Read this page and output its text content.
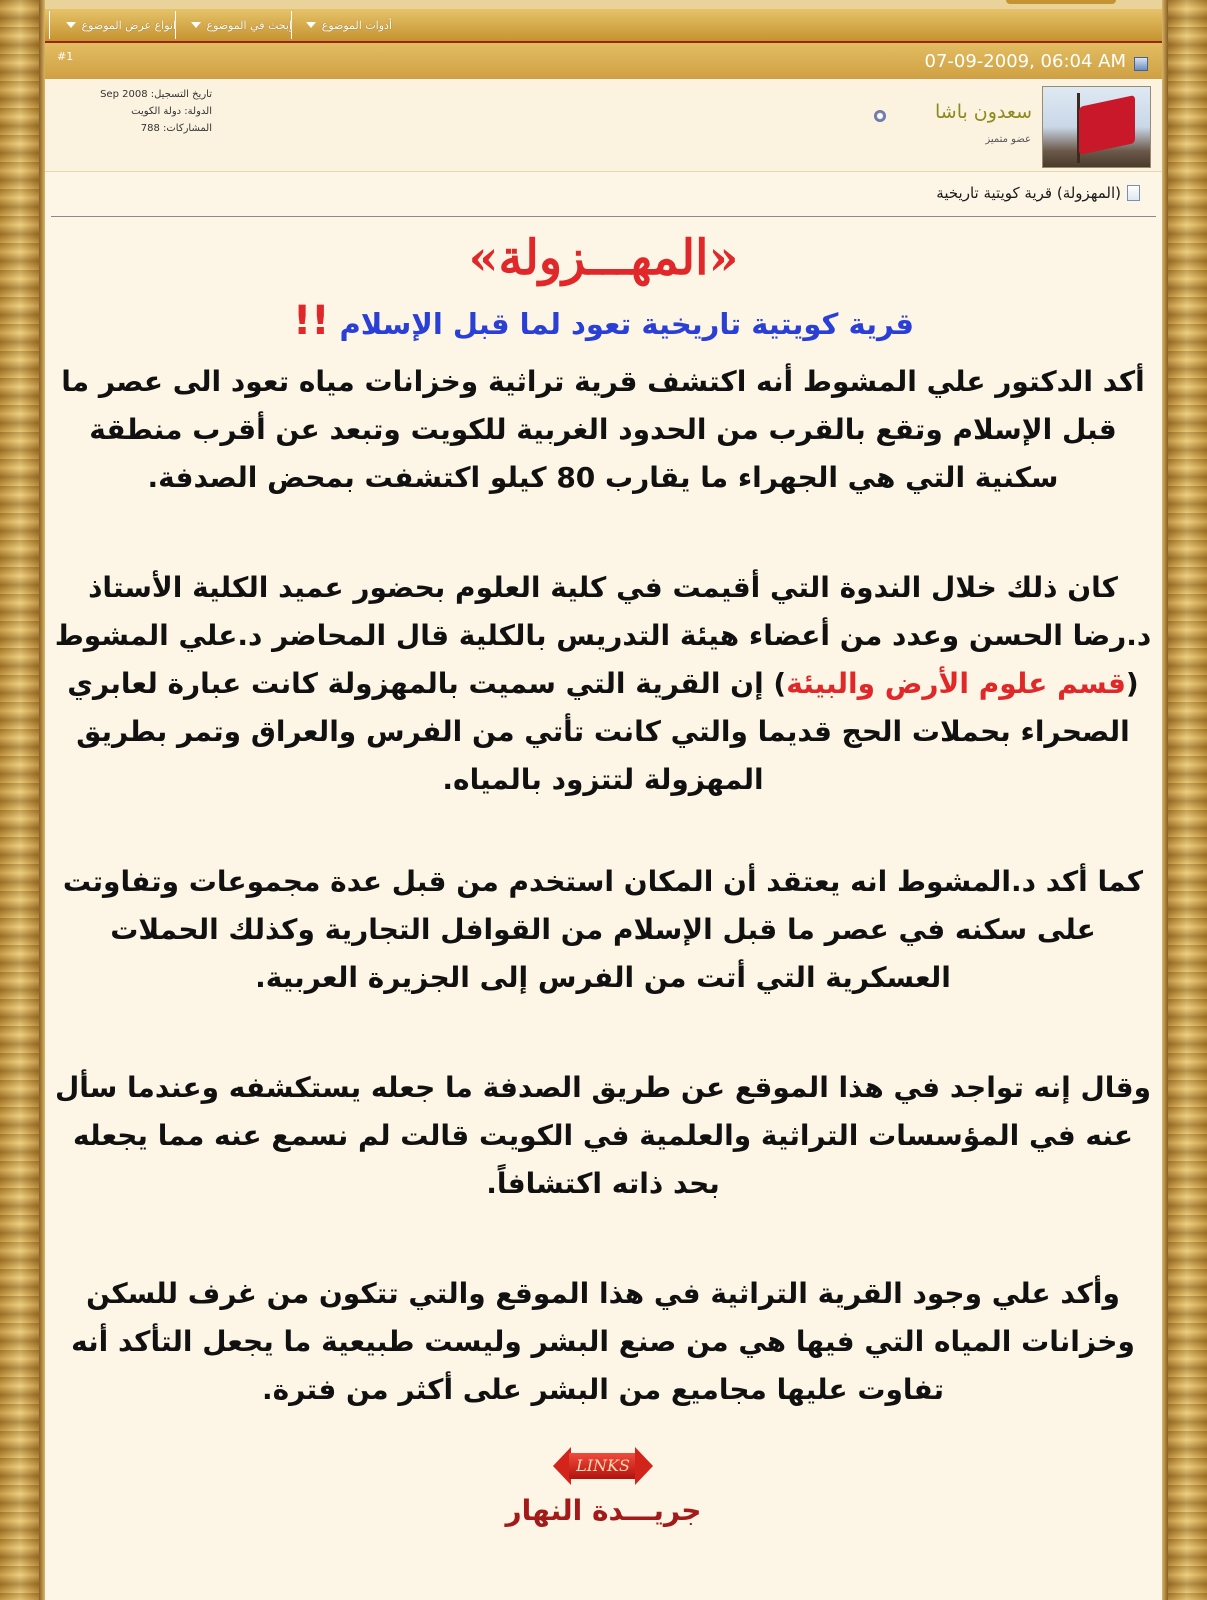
أدوات الموضوع
إبحث في الموضوع
انواع عرض الموضوع
07-09-2009, 06:04 AM
#1
سعدون باشا
عضو متميز
تاريخ التسجيل: Sep 2008
الدولة: دولة الكويت
المشاركات: 788
(المهزولة) قرية كويتية تاريخية
«المهـــزولة»
قرية كويتية تاريخية تعود لما قبل الإسلام!!
أكد الدكتور علي المشوط أنه اكتشف قرية تراثية وخزانات مياه تعود الى عصر ما قبل الإسلام وتقع بالقرب من الحدود الغربية للكويت وتبعد عن أقرب منطقة سكنية التي هي الجهراء ما يقارب 80 كيلو اكتشفت بمحض الصدفة.
كان ذلك خلال الندوة التي أقيمت في كلية العلوم بحضور عميد الكلية الأستاذ د.رضا الحسن وعدد من أعضاء هيئة التدريس بالكلية قال المحاضر د.علي المشوط (قسم علوم الأرض والبيئة) إن القرية التي سميت بالمهزولة كانت عبارة لعابري الصحراء بحملات الحج قديما والتي كانت تأتي من الفرس والعراق وتمر بطريق المهزولة لتتزود بالمياه.
كما أكد د.المشوط انه يعتقد أن المكان استخدم من قبل عدة مجموعات وتفاوتت على سكنه في عصر ما قبل الإسلام من القوافل التجارية وكذلك الحملات العسكرية التي أتت من الفرس إلى الجزيرة العربية.
وقال إنه تواجد في هذا الموقع عن طريق الصدفة ما جعله يستكشفه وعندما سأل عنه في المؤسسات التراثية والعلمية في الكويت قالت لم نسمع عنه مما يجعله بحد ذاته اكتشافاً.
وأكد علي وجود القرية التراثية في هذا الموقع والتي تتكون من غرف للسكن وخزانات المياه التي فيها هي من صنع البشر وليست طبيعية ما يجعل التأكد أنه تفاوت عليها مجاميع من البشر على أكثر من فترة.
LINKS
جريـــدة النهار
